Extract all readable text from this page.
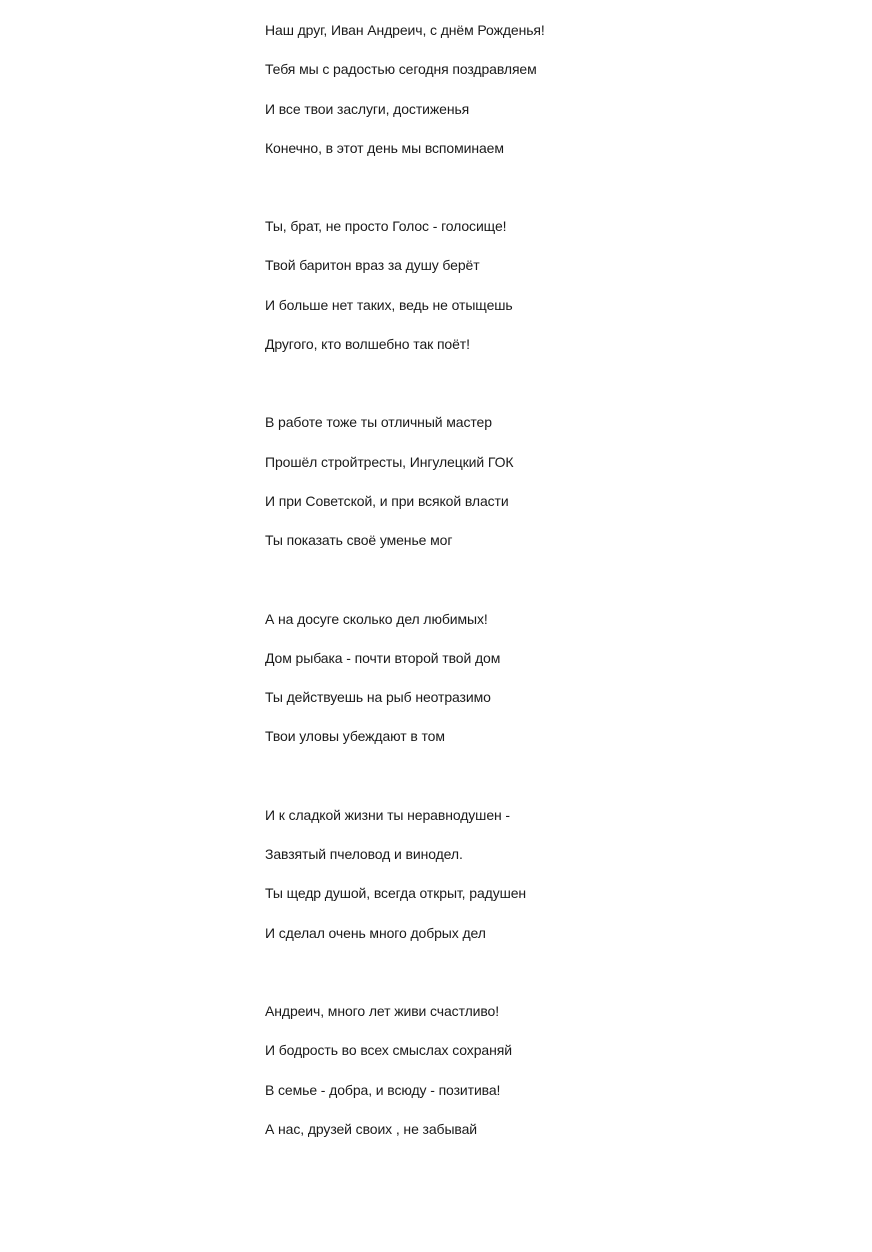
Наш друг, Иван Андреич, с днём Рожденья!
Тебя мы с радостью сегодня поздравляем
И все твои заслуги, достиженья
Конечно, в этот день мы вспоминаем
Ты, брат, не просто Голос - голосище!
Твой баритон враз за душу берёт
И больше нет таких, ведь не отыщешь
Другого, кто волшебно так поёт!
В работе тоже ты отличный мастер
Прошёл стройтресты, Ингулецкий ГОК
И при Советской, и при всякой власти
Ты показать своё уменье мог
А на досуге сколько дел любимых!
Дом рыбака - почти второй твой дом
Ты действуешь на рыб неотразимо
Твои уловы убеждают в том
И к сладкой жизни ты неравнодушен -
Завзятый пчеловод и винодел.
Ты щедр душой, всегда открыт, радушен
И сделал очень много добрых дел
Андреич, много лет живи счастливо!
И бодрость во всех смыслах сохраняй
В семье - добра, и всюду - позитива!
А нас, друзей своих , не забывай
